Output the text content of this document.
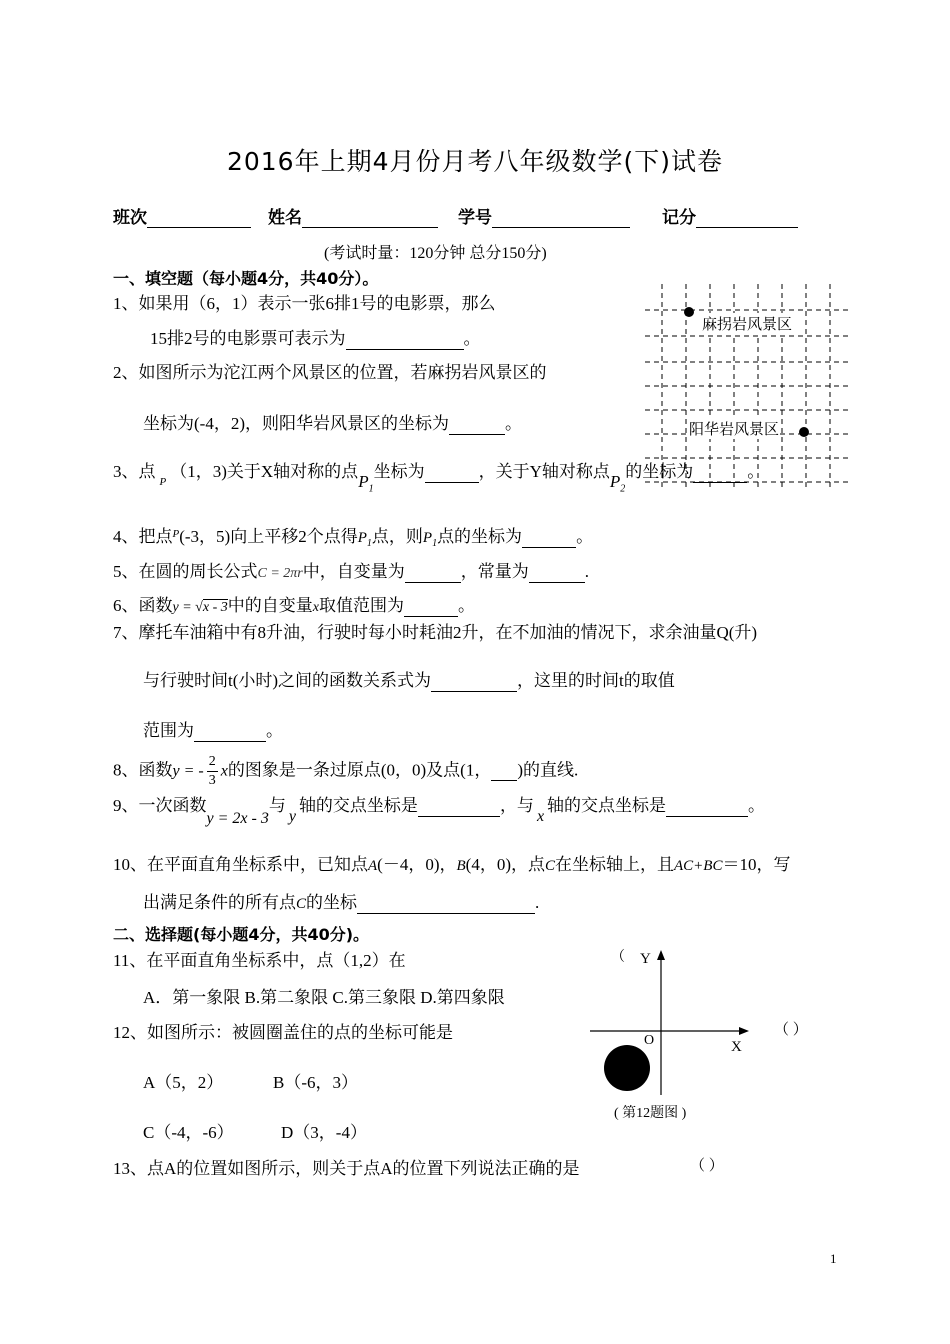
2016年上期4月份月考八年级数学(下)试卷
班次	姓名	学号	记分
(考试时量：120分钟 总分150分)
一、填空题（每小题4分，共40分）。
1、如果用（6，1）表示一张6排1号的电影票，那么
15排2号的电影票可表示为	。
2、如图所示为沱江两个风景区的位置，若麻拐岩风景区的
坐标为(-4，2)，则阳华岩风景区的坐标为	。
麻拐岩风景区
阳华岩风景区
3、点$_P$（1，3)关于X轴对称的点$P_1$坐标为	，关于Y轴对称点$P_2$的坐标为	。
4、把点$^P$(-3，5)向上平移2个点得$P_1$点，则$P_1$点的坐标为	。
5、在圆的周长公式C = 2πr中，自变量为	，常量为	.
6、函数y = √x - 3中的自变量x取值范围为	。
7、摩托车油箱中有8升油，行驶时每小时耗油2升，在不加油的情况下，求余油量Q(升)
与行驶时间t(小时)之间的函数关系式为	，这里的时间t的取值
范围为	。
8、函数y = - $\frac{2}{3}$ x的图象是一条过原点(0，0)及点(1， )的直线.
9、一次函数y = 2x - 3与y轴的交点坐标是	，与x轴的交点坐标是	。
10、在平面直角坐标系中，已知点A(－4，0)，B(4，0)，点C在坐标轴上，且AC+BC＝10，写
出满足条件的所有点C的坐标	.
二、选择题(每小题4分，共40分)。
11、在平面直角坐标系中，点（1,2）在	（
A．第一象限 B.第二象限 C.第三象限 D.第四象限
12、如图所示：被圆圈盖住的点的坐标可能是	（ ）
A（5，2）	B（-6，3）
C（-4，-6）	D（3，-4）
Y
X
O
( 第12题图 )
13、点A的位置如图所示，则关于点A的位置下列说法正确的是	（ ）
1
